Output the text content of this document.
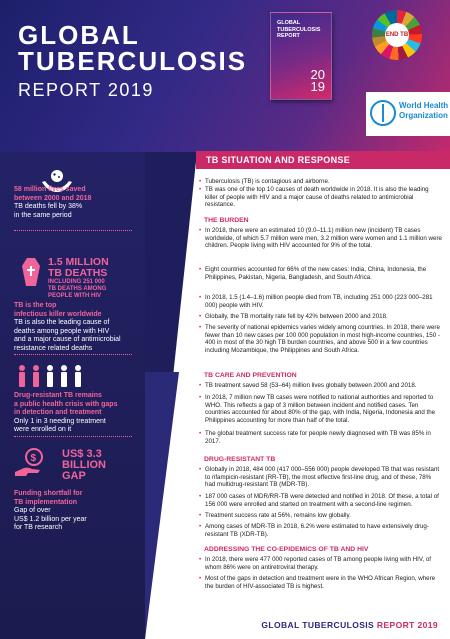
GLOBAL
TUBERCULOSIS
REPORT 2019
GLOBAL
TUBERCULOSIS
REPORT
20
19
END TB
World Health
Organization
58 million lives saved
between 2000 and 2018
TB deaths fell by 38%
in the same period
1.5 MILLION
TB DEATHS
INCLUDING 251 000
TB DEATHS AMONG
PEOPLE WITH HIV
TB is the top
infectious killer worldwide
TB is also the leading cause of
deaths among people with HIV
and a major cause of antimicrobial
resistance related deaths
Drug-resistant TB remains
a public health crisis with gaps
in detection and treatment
Only 1 in 3 needing treatment
were enrolled on it
$ US$ 3.3
BILLION
GAP
Funding shortfall for
TB implementation
Gap of over
US$ 1.2 billion per year
for TB research
TB SITUATION AND RESPONSE
• Tuberculosis (TB) is contagious and airborne.
• TB was one of the top 10 causes of death worldwide in 2018. It is also the leading killer of people with HIV and a major cause of deaths related to antimicrobial resistance.
THE BURDEN
• In 2018, there were an estimated 10 (9.0–11.1) million new (incident) TB cases worldwide, of which 5.7 million were men, 3.2 million were women and 1.1 million were children. People living with HIV accounted for 9% of the total.
• Eight countries accounted for 66% of the new cases: India, China, Indonesia, the Philippines, Pakistan, Nigeria, Bangladesh, and South Africa.
• In 2018, 1.5 (1.4–1.6) million people died from TB, including 251 000 (223 000–281 000) people with HIV.
• Globally, the TB mortality rate fell by 42% between 2000 and 2018.
• The severity of national epidemics varies widely among countries. In 2018, there were fewer than 10 new cases per 100 000 population in most high-income countries, 150 - 400 in most of the 30 high TB burden countries, and above 500 in a few countries including Mozambique, the Philippines and South Africa.
TB CARE AND PREVENTION
• TB treatment saved 58 (53–64) million lives globally between 2000 and 2018.
• In 2018, 7 million new TB cases were notified to national authorities and reported to WHO. This reflects a gap of 3 million between incident and notified cases. Ten countries accounted for about 80% of the gap, with India, Nigeria, Indonesia and the Philippines accounting for more than half of the total.
• The global treatment success rate for people newly diagnosed with TB was 85% in 2017.
DRUG-RESISTANT TB
• Globally in 2018, 484 000 (417 000–556 000) people developed TB that was resistant to rifampicin-resistant (RR-TB), the most effective first-line drug, and of these, 78% had multidrug-resistant TB (MDR-TB).
• 187 000 cases of MDR/RR-TB were detected and notified in 2018. Of these, a total of 156 000 were enrolled and started on treatment with a second-line regimen.
• Treatment success rate at 56%, remains low globally.
• Among cases of MDR-TB in 2018, 6.2% were estimated to have extensively drug-resistant TB (XDR-TB).
ADDRESSING THE CO-EPIDEMICS OF TB AND HIV
• In 2018, there were 477 000 reported cases of TB among people living with HIV, of whom 86% were on antiretroviral therapy.
• Most of the gaps in detection and treatment were in the WHO African Region, where the burden of HIV-associated TB is highest.
GLOBAL TUBERCULOSIS REPORT 2019
